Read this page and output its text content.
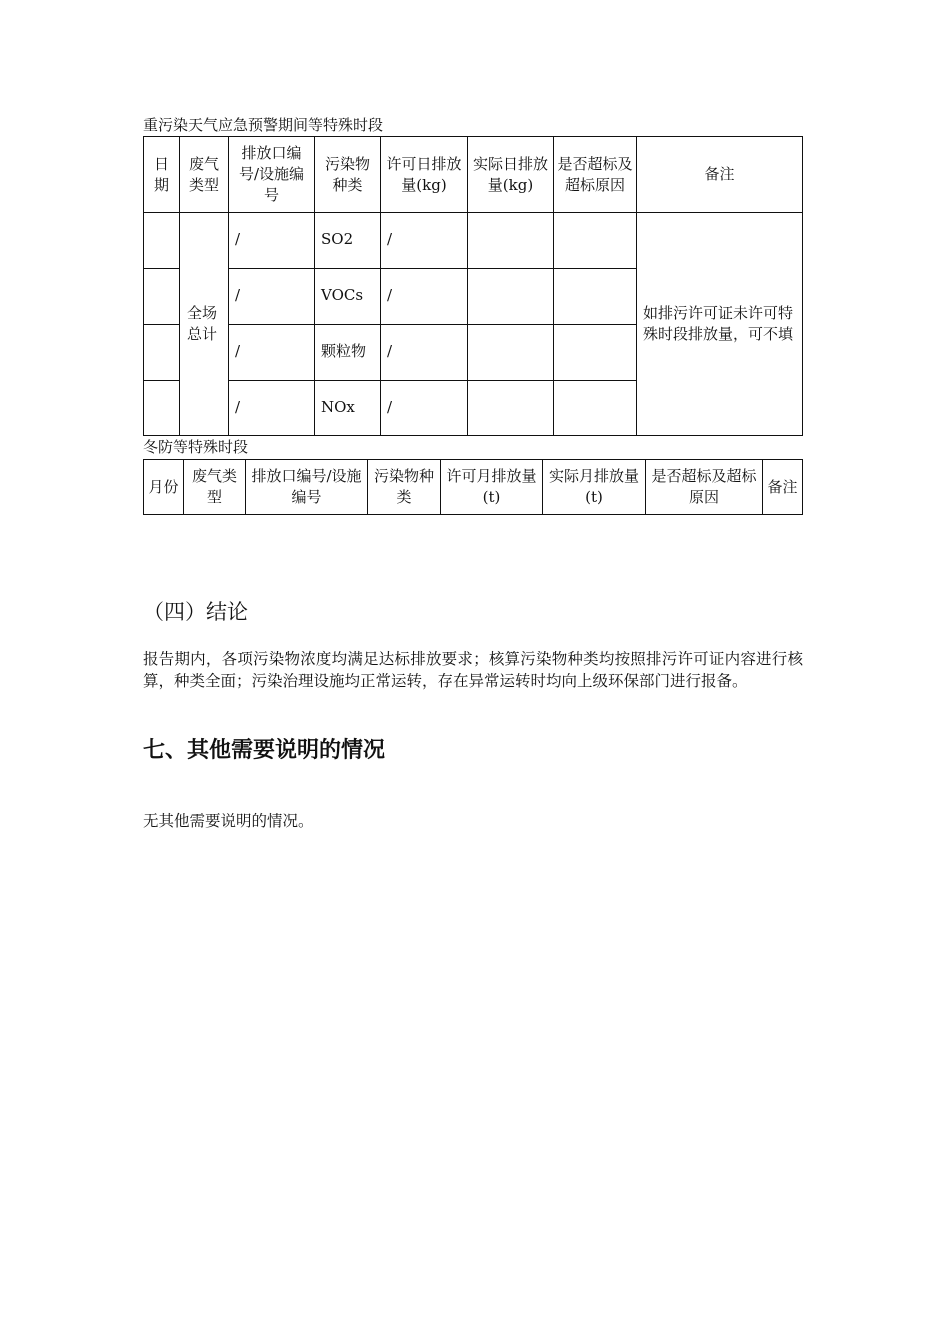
重污染天气应急预警期间等特殊时段
日期	废气类型	排放口编号/设施编号	污染物种类	许可日排放量(kg)	实际日排放量(kg)	是否超标及超标原因	备注
	全场总计	/	SO2	/			如排污许可证未许可特殊时段排放量，可不填
		/	VOCs	/			
		/	颗粒物	/			
		/	NOx	/			
冬防等特殊时段
月份	废气类型	排放口编号/设施编号	污染物种类	许可月排放量(t)	实际月排放量(t)	是否超标及超标原因	备注
（四）结论
报告期内，各项污染物浓度均满足达标排放要求；核算污染物种类均按照排污许可证内容进行核算，种类全面；污染治理设施均正常运转，存在异常运转时均向上级环保部门进行报备。
七、其他需要说明的情况
无其他需要说明的情况。
